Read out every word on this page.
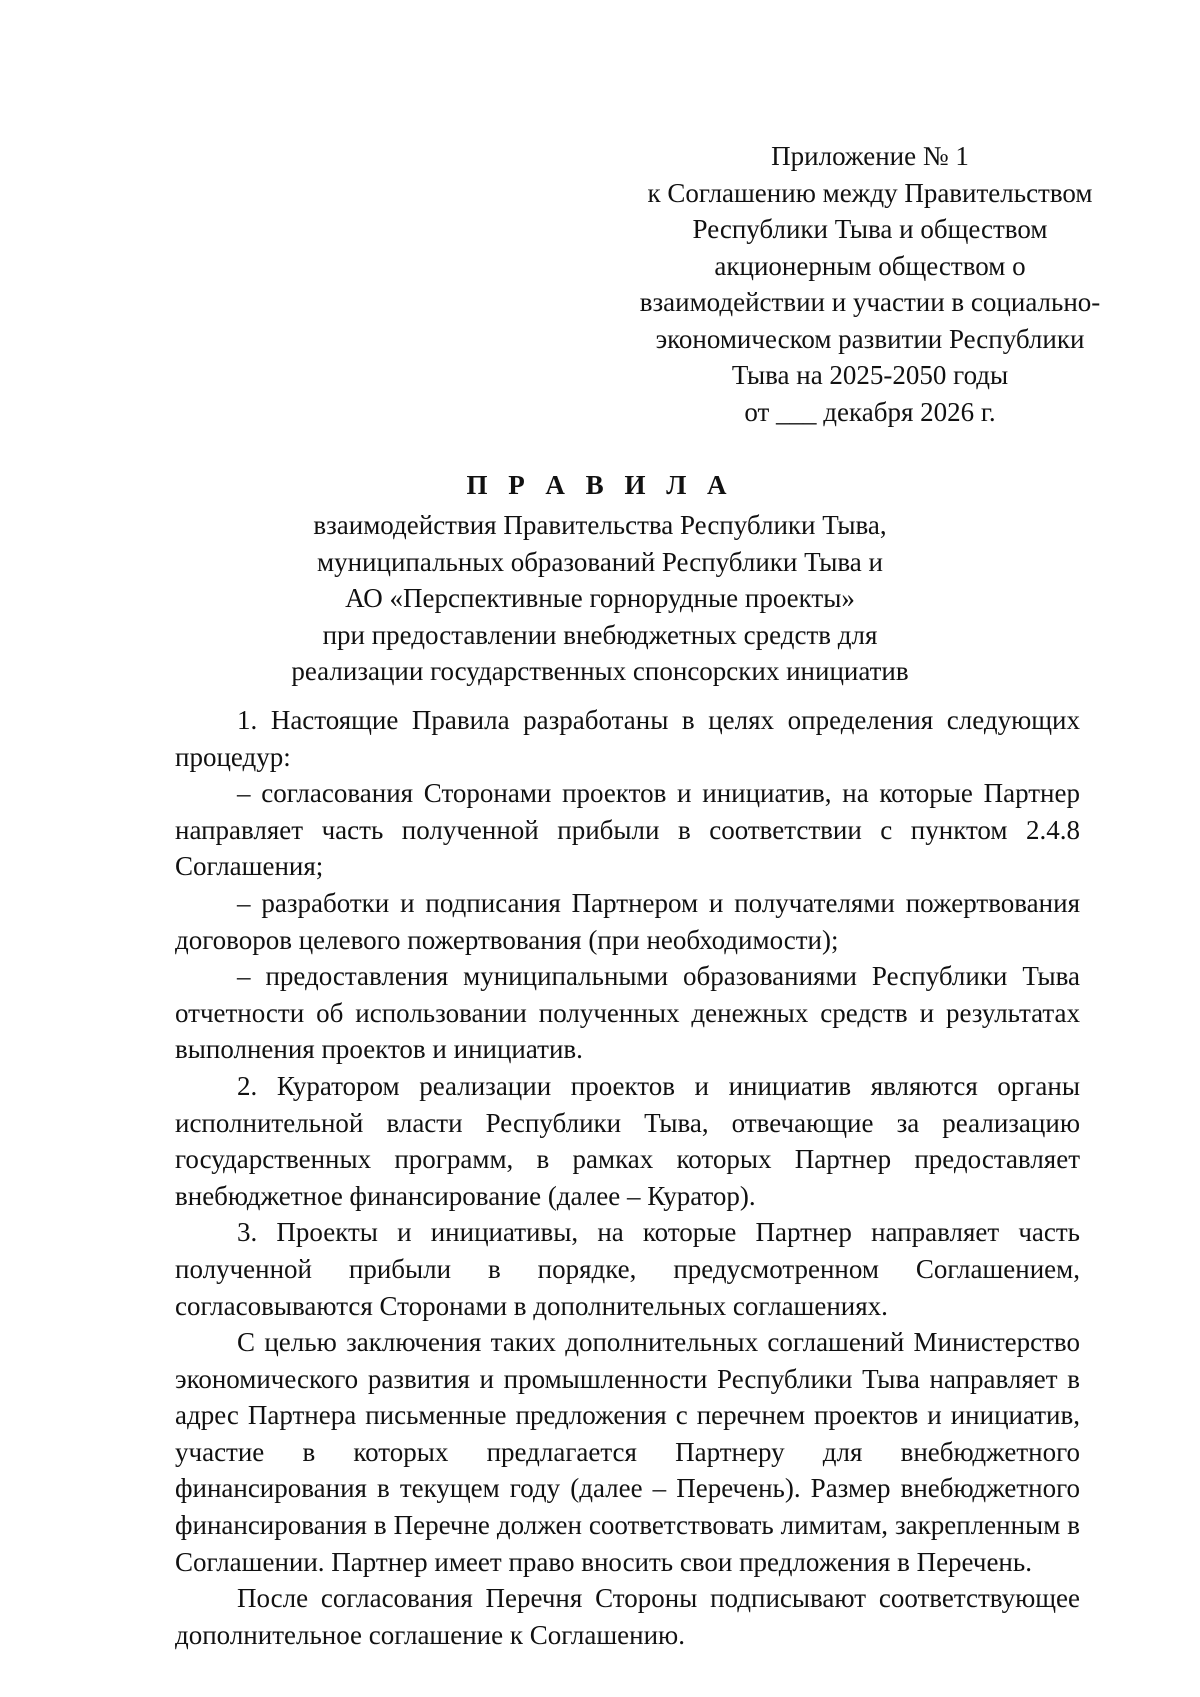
Приложение № 1
к Соглашению между Правительством
Республики Тыва и обществом
акционерным обществом о
взаимодействии и участии в социально-
экономическом развитии Республики
Тыва на 2025-2050 годы
от ___ декабря 2026 г.
П Р А В И Л А
взаимодействия Правительства Республики Тыва,
муниципальных образований Республики Тыва и
АО «Перспективные горнорудные проекты»
при предоставлении внебюджетных средств для
реализации государственных спонсорских инициатив

1. Настоящие Правила разработаны в целях определения следующих процедур:

– согласования Сторонами проектов и инициатив, на которые Партнер направляет часть полученной прибыли в соответствии с пунктом 2.4.8 Соглашения;

– разработки и подписания Партнером и получателями пожертвования договоров целевого пожертвования (при необходимости);

– предоставления муниципальными образованиями Республики Тыва отчетности об использовании полученных денежных средств и результатах выполнения проектов и инициатив.

2. Куратором реализации проектов и инициатив являются органы исполнительной власти Республики Тыва, отвечающие за реализацию государственных программ, в рамках которых Партнер предоставляет внебюджетное финансирование (далее – Куратор).

3. Проекты и инициативы, на которые Партнер направляет часть полученной прибыли в порядке, предусмотренном Соглашением, согласовываются Сторонами в дополнительных соглашениях.

С целью заключения таких дополнительных соглашений Министерство экономического развития и промышленности Республики Тыва направляет в адрес Партнера письменные предложения с перечнем проектов и инициатив, участие в которых предлагается Партнеру для внебюджетного финансирования в текущем году (далее – Перечень). Размер внебюджетного финансирования в Перечне должен соответствовать лимитам, закрепленным в Соглашении. Партнер имеет право вносить свои предложения в Перечень.

После согласования Перечня Стороны подписывают соответствующее дополнительное соглашение к Соглашению.
